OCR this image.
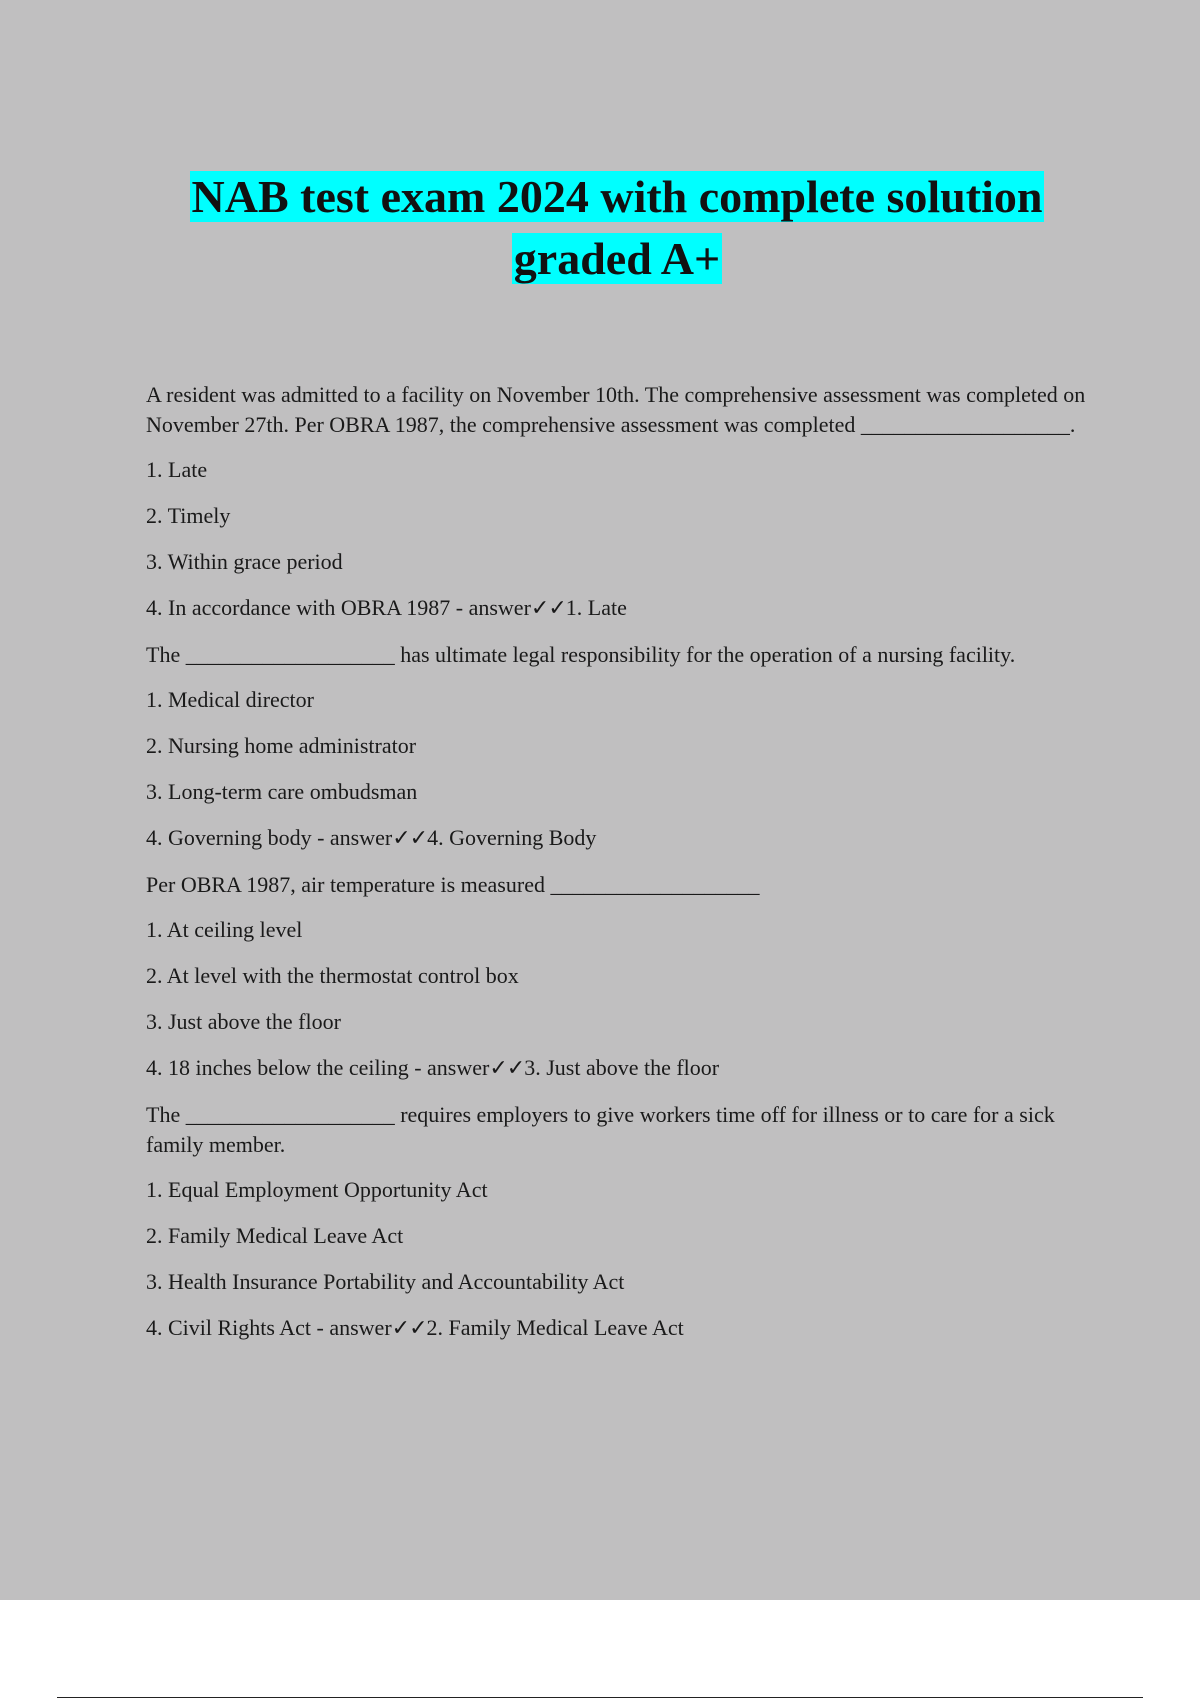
NAB test exam 2024 with complete solution
graded A+

A resident was admitted to a facility on November 10th. The comprehensive assessment was completed on November 27th. Per OBRA 1987, the comprehensive assessment was completed ___________________.

1. Late

2. Timely

3. Within grace period

4. In accordance with OBRA 1987 - answer✓✓1. Late

The ___________________ has ultimate legal responsibility for the operation of a nursing facility.

1. Medical director

2. Nursing home administrator

3. Long-term care ombudsman

4. Governing body - answer✓✓4. Governing Body

Per OBRA 1987, air temperature is measured ___________________

1. At ceiling level

2. At level with the thermostat control box

3. Just above the floor

4. 18 inches below the ceiling - answer✓✓3. Just above the floor

The ___________________ requires employers to give workers time off for illness or to care for a sick family member.

1. Equal Employment Opportunity Act

2. Family Medical Leave Act

3. Health Insurance Portability and Accountability Act

4. Civil Rights Act - answer✓✓2. Family Medical Leave Act
